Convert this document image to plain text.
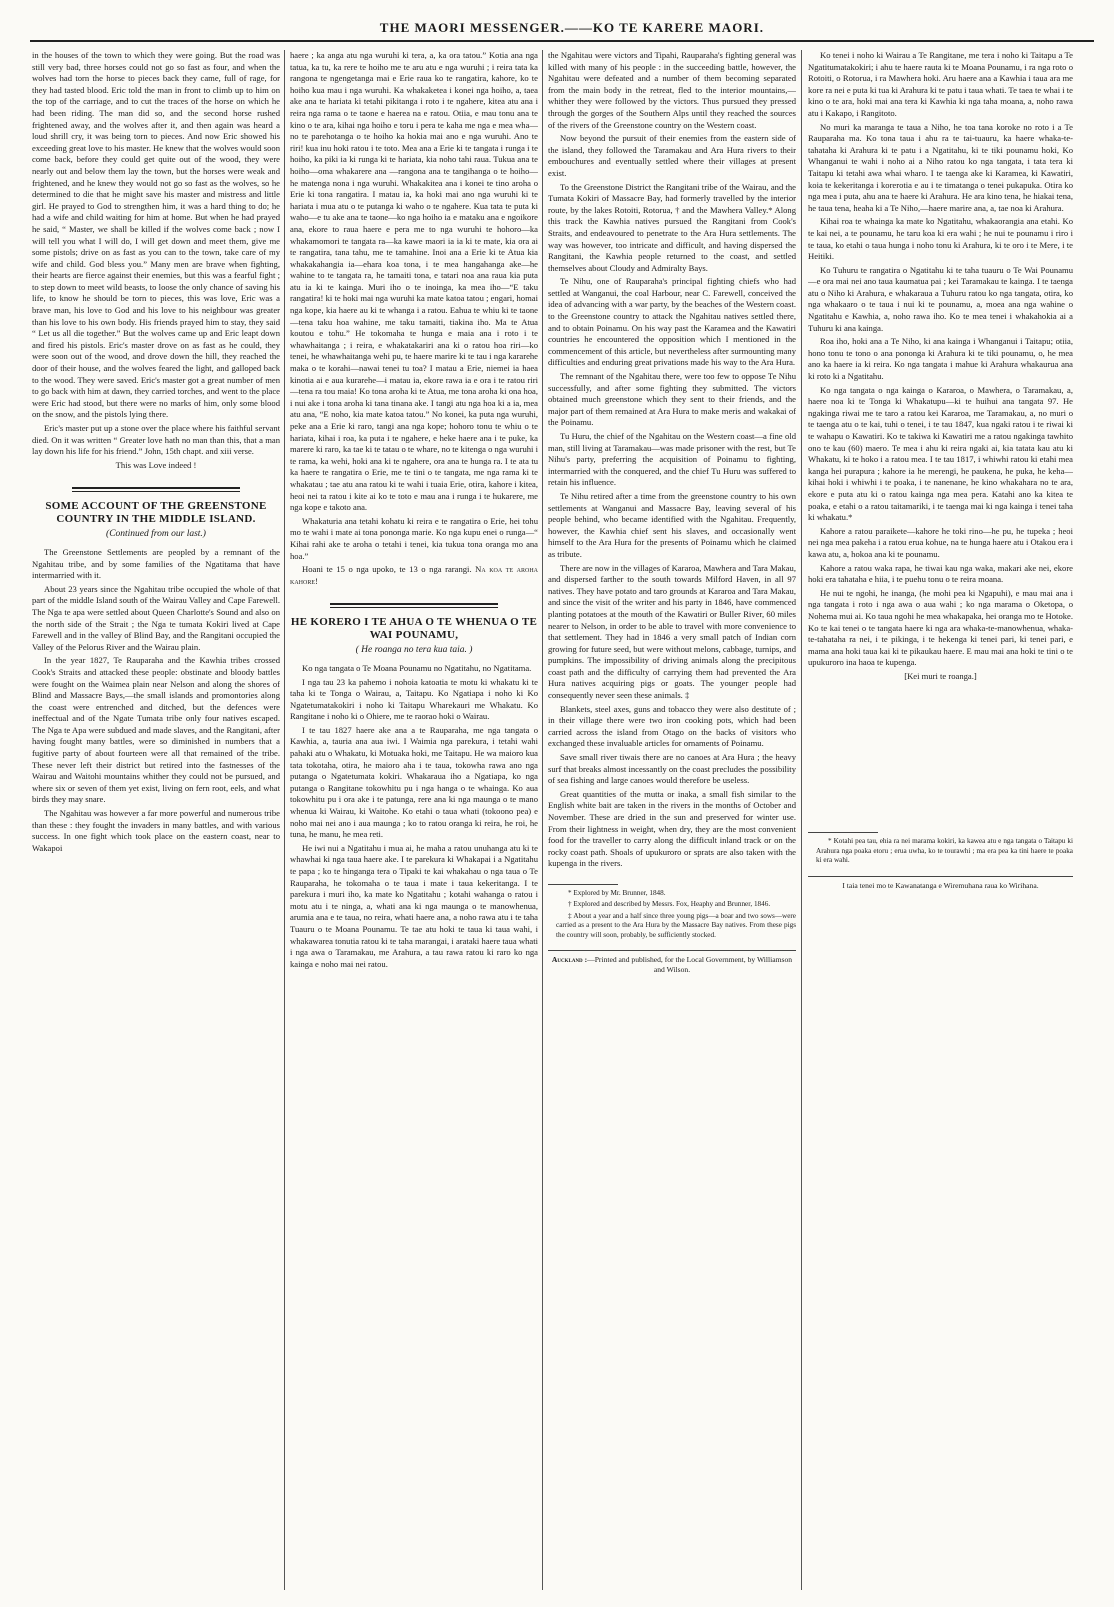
THE MAORI MESSENGER.——KO TE KARERE MAORI.

in the houses of the town to which they were going. But the road was still very bad, three horses could not go so fast as four, and when the wolves had torn the horse to pieces back they came, full of rage, for they had tasted blood. Eric told the man in front to climb up to him on the top of the carriage, and to cut the traces of the horse on which he had been riding. The man did so, and the second horse rushed frightened away, and the wolves after it, and then again was heard a loud shrill cry, it was being torn to pieces. And now Eric showed his exceeding great love to his master. He knew that the wolves would soon come back, before they could get quite out of the wood, they were nearly out and below them lay the town, but the horses were weak and frightened, and he knew they would not go so fast as the wolves, so he determined to die that he might save his master and mistress and little girl. He prayed to God to strengthen him, it was a hard thing to do; he had a wife and child waiting for him at home. But when he had prayed he said, “ Master, we shall be killed if the wolves come back ; now I will tell you what I will do, I will get down and meet them, give me some pistols; drive on as fast as you can to the town, take care of my wife and child. God bless you.” Many men are brave when fighting, their hearts are fierce against their enemies, but this was a fearful fight ; to step down to meet wild beasts, to loose the only chance of saving his life, to know he should be torn to pieces, this was love, Eric was a brave man, his love to God and his love to his neighbour was greater than his love to his own body. His friends prayed him to stay, they said “ Let us all die together.” But the wolves came up and Eric leapt down and fired his pistols. Eric's master drove on as fast as he could, they were soon out of the wood, and drove down the hill, they reached the door of their house, and the wolves feared the light, and galloped back to the wood. They were saved. Eric's master got a great number of men to go back with him at dawn, they carried torches, and went to the place were Eric had stood, but there were no marks of him, only some blood on the snow, and the pistols lying there.

Eric's master put up a stone over the place where his faithful servant died. On it was written “ Greater love hath no man than this, that a man lay down his life for his friend.” John, 15th chapt. and xiii verse.

This was Love indeed !

SOME ACCOUNT OF THE GREENSTONE COUNTRY IN THE MIDDLE ISLAND.
(Continued from our last.)

The Greenstone Settlements are peopled by a remnant of the Ngahitau tribe, and by some families of the Ngatitama that have intermarried with it.

About 23 years since the Ngahitau tribe occupied the whole of that part of the middle Island south of the Wairau Valley and Cape Farewell. The Nga te apa were settled about Queen Charlotte's Sound and also on the north side of the Strait ; the Nga te tumata Kokiri lived at Cape Farewell and in the valley of Blind Bay, and the Rangitani occupied the Valley of the Pelorus River and the Wairau plain.

In the year 1827, Te Rauparaha and the Kawhia tribes crossed Cook's Straits and attacked these people: obstinate and bloody battles were fought on the Waimea plain near Nelson and along the shores of Blind and Massacre Bays,—the small islands and promontories along the coast were entrenched and ditched, but the defences were ineffectual and of the Ngate Tumata tribe only four natives escaped. The Nga te Apa were subdued and made slaves, and the Rangitani, after having fought many battles, were so diminished in numbers that a fugitive party of about fourteen were all that remained of the tribe. These never left their district but retired into the fastnesses of the Wairau and Waitohi mountains whither they could not be pursued, and where six or seven of them yet exist, living on fern root, eels, and what birds they may snare.

The Ngahitau was however a far more powerful and numerous tribe than these : they fought the invaders in many battles, and with various success. In one fight which took place on the eastern coast, near to Wakapoi

haere ; ka anga atu nga wuruhi ki tera, a, ka ora tatou.” Kotia ana nga tatua, ka tu, ka rere te hoiho me te aru atu e nga wuruhi ; i reira tata ka rangona te ngengetanga mai e Erie raua ko te rangatira, kahore, ko te hoiho kua mau i nga wuruhi. Ka whakaketea i konei nga hoiho, a, taea ake ana te hariata ki tetahi pikitanga i roto i te ngahere, kitea atu ana i reira nga rama o te taone e haerea na e ratou. Otiia, e mau tonu ana te kino o te ara, kihai nga hoiho e toru i pera te kaha me nga e mea wha—no te parehotanga o te hoiho ka hokia mai ano e nga wuruhi. Ano te riri! kua inu hoki ratou i te toto. Mea ana a Erie ki te tangata i runga i te hoiho, ka piki ia ki runga ki te hariata, kia noho tahi raua. Tukua ana te hoiho—oma whakarere ana —rangona ana te tangihanga o te hoiho—he matenga nona i nga wuruhi. Whakakitea ana i konei te tino aroha o Erie ki tona rangatira. I matau ia, ka hoki mai ano nga wuruhi ki te hariata i mua atu o te putanga ki waho o te ngahere. Kua tata te puta ki waho—e tu ake ana te taone—ko nga hoiho ia e mataku ana e ngoikore ana, ekore to raua haere e pera me to nga wuruhi te hohoro—ka whakamomori te tangata ra—ka kawe maori ia ia ki te mate, kia ora ai te rangatira, tana tahu, me te tamahine. Inoi ana a Erie ki te Atua kia whakakahangia ia—ehara koa tona, i te mea hangahanga ake—he wahine to te tangata ra, he tamaiti tona, e tatari noa ana raua kia puta atu ia ki te kainga. Muri iho o te inoinga, ka mea iho—“E taku rangatira! ki te hoki mai nga wuruhi ka mate katoa tatou ; engari, homai nga kope, kia haere au ki te whanga i a ratou. Eahua te whiu ki te taone—tena taku hoa wahine, me taku tamaiti, tiakina iho. Ma te Atua koutou e tohu.” He tokomaha te hunga e maia ana i roto i te whawhaitanga ; i reira, e whakatakariri ana ki o ratou hoa riri—ko tenei, he whawhaitanga wehi pu, te haere marire ki te tau i nga kararehe maka o te korahi—nawai tenei tu toa? I matau a Erie, niemei ia haea kinotia ai e aua kurarehe—i matau ia, ekore rawa ia e ora i te ratou riri—tena ra tou maia! Ko tona aroha ki te Atua, me tona aroha ki ona hoa, i nui ake i tona aroha ki tana tinana ake. I tangi atu nga hoa ki a ia, mea atu ana, “E noho, kia mate katoa tatou.” No konei, ka puta nga wuruhi, peke ana a Erie ki raro, tangi ana nga kope; hohoro tonu te whiu o te hariata, kihai i roa, ka puta i te ngahere, e heke haere ana i te puke, ka marere ki raro, ka tae ki te tatau o te whare, no te kitenga o nga wuruhi i te rama, ka wehi, hoki ana ki te ngahere, ora ana te hunga ra. I te ata tu ka haere te rangatira o Erie, me te tini o te tangata, me nga rama ki te whakatau ; tae atu ana ratou ki te wahi i tuaia Erie, otira, kahore i kitea, heoi nei ta ratou i kite ai ko te toto e mau ana i runga i te hukarere, me nga kope e takoto ana.

Whakaturia ana tetahi kohatu ki reira e te rangatira o Erie, hei tohu mo te wahi i mate ai tona pononga marie. Ko nga kupu enei o runga—“ Kihai rahi ake te aroha o tetahi i tenei, kia tukua tona oranga mo ana hoa.”

Hoani te 15 o nga upoko, te 13 o nga rarangi. Na koa te aroha kahore!

HE KORERO I TE AHUA O TE WHENUA O TE WAI POUNAMU,
( He roanga no tera kua taia. )

Ko nga tangata o Te Moana Pounamu no Ngatitahu, no Ngatitama.

I nga tau 23 ka pahemo i nohoia katoatia te motu ki whakatu ki te taha ki te Tonga o Wairau, a, Taitapu. Ko Ngatiapa i noho ki Ko Ngatetumatakokiri i noho ki Taitapu Wharekauri me Whakatu. Ko Rangitane i noho ki o Ohiere, me te raorao hoki o Wairau.

I te tau 1827 haere ake ana a te Rauparaha, me nga tangata o Kawhia, a, tauria ana aua iwi. I Waimia nga parekura, i tetahi wahi pahaki atu o Whakatu, ki Motuaka hoki, me Taitapu. He wa maioro kua tata tokotaha, otira, he maioro aha i te taua, tokowha rawa ano nga putanga o Ngatetumata kokiri. Whakaraua iho a Ngatiapa, ko nga putanga o Rangitane tokowhitu pu i nga hanga o te whainga. Ko aua tokowhitu pu i ora ake i te patunga, rere ana ki nga maunga o te mano whenua ki Wairau, ki Waitohe. Ko etahi o taua whati (tokoono pea) e noho mai nei ano i aua maunga ; ko to ratou oranga ki reira, he roi, he tuna, he manu, he mea reti.

He iwi nui a Ngatitahu i mua ai, he maha a ratou unuhanga atu ki te whawhai ki nga taua haere ake. I te parekura ki Whakapai i a Ngatitahu te papa ; ko te hinganga tera o Tipaki te kai whakahau o nga taua o Te Rauparaha, he tokomaha o te taua i mate i taua kekeritanga. I te parekura i muri iho, ka mate ko Ngatitahu ; kotahi wahanga o ratou i motu atu i te ninga, a, whati ana ki nga maunga o te manowhenua, arumia ana e te taua, no reira, whati haere ana, a noho rawa atu i te taha Tuauru o te Moana Pounamu. Te tae atu hoki te taua ki taua wahi, i whakawarea tonutia ratou ki te taha marangai, i arataki haere taua whati i nga awa o Taramakau, me Arahura, a tau rawa ratou ki raro ko nga kainga e noho mai nei ratou.

the Ngahitau were victors and Tipahi, Rauparaha's fighting general was killed with many of his people : in the succeeding battle, however, the Ngahitau were defeated and a number of them becoming separated from the main body in the retreat, fled to the interior mountains,—whither they were followed by the victors. Thus pursued they pressed through the gorges of the Southern Alps until they reached the sources of the rivers of the Greenstone country on the Western coast.

Now beyond the pursuit of their enemies from the eastern side of the island, they followed the Taramakau and Ara Hura rivers to their embouchures and eventually settled where their villages at present exist.

To the Greenstone District the Rangitani tribe of the Wairau, and the Tumata Kokiri of Massacre Bay, had formerly travelled by the interior route, by the lakes Rotoiti, Rotorua, † and the Mawhera Valley.* Along this track the Kawhia natives pursued the Rangitani from Cook's Straits, and endeavoured to penetrate to the Ara Hura settlements. The way was however, too intricate and difficult, and having dispersed the Rangitani, the Kawhia people returned to the coast, and settled themselves about Cloudy and Admiralty Bays.

Te Nihu, one of Rauparaha's principal fighting chiefs who had settled at Wanganui, the coal Harbour, near C. Farewell, conceived the idea of advancing with a war party, by the beaches of the Western coast. to the Greenstone country to attack the Ngahitau natives settled there, and to obtain Poinamu. On his way past the Karamea and the Kawatiri countries he encountered the opposition which I mentioned in the commencement of this article, but nevertheless after surmounting many difficulties and enduring great privations made his way to the Ara Hura.

The remnant of the Ngahitau there, were too few to oppose Te Nihu successfully, and after some fighting they submitted. The victors obtained much greenstone which they sent to their friends, and the major part of them remained at Ara Hura to make meris and wakakai of the Poinamu.

Tu Huru, the chief of the Ngahitau on the Western coast—a fine old man, still living at Taramakau—was made prisoner with the rest, but Te Nihu's party, preferring the acquisition of Poinamu to fighting, intermarried with the conquered, and the chief Tu Huru was suffered to retain his influence.

Te Nihu retired after a time from the greenstone country to his own settlements at Wanganui and Massacre Bay, leaving several of his people behind, who became identified with the Ngahitau. Frequently, however, the Kawhia chief sent his slaves, and occasionally went himself to the Ara Hura for the presents of Poinamu which he claimed as tribute.

There are now in the villages of Kararoa, Mawhera and Tara Makau, and dispersed farther to the south towards Milford Haven, in all 97 natives. They have potato and taro grounds at Kararoa and Tara Makau, and since the visit of the writer and his party in 1846, have commenced planting potatoes at the mouth of the Kawatiri or Buller River, 60 miles nearer to Nelson, in order to be able to travel with more convenience to that settlement. They had in 1846 a very small patch of Indian corn growing for future seed, but were without melons, cabbage, turnips, and pumpkins. The impossibility of driving animals along the precipitous coast path and the difficulty of carrying them had prevented the Ara Hura natives acquiring pigs or goats. The younger people had consequently never seen these animals. ‡

Blankets, steel axes, guns and tobacco they were also destitute of ; in their village there were two iron cooking pots, which had been carried across the island from Otago on the backs of visitors who exchanged these invaluable articles for ornaments of Poinamu.

Save small river tiwais there are no canoes at Ara Hura ; the heavy surf that breaks almost incessantly on the coast precludes the possibility of sea fishing and large canoes would therefore be useless.

Great quantities of the mutta or inaka, a small fish similar to the English white bait are taken in the rivers in the months of October and November. These are dried in the sun and preserved for winter use. From their lightness in weight, when dry, they are the most convenient food for the traveller to carry along the difficult inland track or on the rocky coast path. Shoals of upukuroro or sprats are also taken with the kupenga in the rivers.

* Explored by Mr. Brunner, 1848.

† Explored and described by Messrs. Fox, Heaphy and Brunner, 1846.

‡ About a year and a half since three young pigs—a boar and two sows—were carried as a present to the Ara Hura by the Massacre Bay natives. From these pigs the country will soon, probably, be sufficiently stocked.

Auckland :—Printed and published, for the Local Government, by Williamson and Wilson.

Ko tenei i noho ki Wairau a Te Rangitane, me tera i noho ki Taitapu a Te Ngatitumatakokiri; i ahu te haere rauta ki te Moana Pounamu, i ra nga roto o Rotoiti, o Rotorua, i ra Mawhera hoki. Aru haere ana a Kawhia i taua ara me kore ra nei e puta ki tua ki Arahura ki te patu i taua whati. Te taea te whai i te kino o te ara, hoki mai ana tera ki Kawhia ki nga taha moana, a, noho rawa atu i Kakapo, i Rangitoto.

No muri ka maranga te taua a Niho, he toa tana koroke no roto i a Te Rauparaha ma. Ko tona taua i ahu ra te tai-tuauru, ka haere whaka-te-tahataha ki Arahura ki te patu i a Ngatitahu, ki te tiki pounamu hoki, Ko Whanganui te wahi i noho ai a Niho ratou ko nga tangata, i tata tera ki Taitapu ki tetahi awa whai wharo. I te taenga ake ki Karamea, ki Kawatiri, koia te kekeritanga i korerotia e au i te timatanga o tenei pukapuka. Otira ko nga mea i puta, ahu ana te haere ki Arahura. He ara kino tena, he hiakai tena, he taua tena, heaha ki a Te Niho,—haere marire ana, a, tae noa ki Arahura.

Kihai roa te whainga ka mate ko Ngatitahu, whakaorangia ana etahi. Ko te kai nei, a te pounamu, he taru koa ki era wahi ; he nui te pounamu i riro i te taua, ko etahi o taua hunga i noho tonu ki Arahura, ki te oro i te Mere, i te Heitiki.

Ko Tuhuru te rangatira o Ngatitahu ki te taha tuauru o Te Wai Pounamu—e ora mai nei ano taua kaumatua pai ; kei Taramakau te kainga. I te taenga atu o Niho ki Arahura, e whakaraua a Tuhuru ratou ko nga tangata, otira, ko nga whakaaro o te taua i nui ki te pounamu, a, moea ana nga wahine o Ngatitahu e Kawhia, a, noho rawa iho. Ko te mea tenei i whakahokia ai a Tuhuru ki ana kainga.

Roa iho, hoki ana a Te Niho, ki ana kainga i Whanganui i Taitapu; otiia, hono tonu te tono o ana pononga ki Arahura ki te tiki pounamu, o, he mea ano ka haere ia ki reira. Ko nga tangata i mahue ki Arahura whakaurua ana ki roto ki a Ngatitahu.

Ko nga tangata o nga kainga o Kararoa, o Mawhera, o Taramakau, a, haere noa ki te Tonga ki Whakatupu—ki te huihui ana tangata 97. He ngakinga riwai me te taro a ratou kei Kararoa, me Taramakau, a, no muri o te taenga atu o te kai, tuhi o tenei, i te tau 1847, kua ngaki ratou i te riwai ki te wahapu o Kawatiri. Ko te takiwa ki Kawatiri me a ratou ngakinga tawhito ono te kau (60) maero. Te mea i ahu ki reira ngaki ai, kia tatata kau atu ki Whakatu, ki te hoko i a ratou mea. I te tau 1817, i whiwhi ratou ki etahi mea kanga hei purapura ; kahore ia he merengi, he paukena, he puka, he keha—kihai hoki i whiwhi i te poaka, i te nanenane, he kino whakahara no te ara, ekore e puta atu ki o ratou kainga nga mea pera. Katahi ano ka kitea te poaka, e etahi o a ratou taitamariki, i te taenga mai ki nga kainga i tenei taha ki whakatu.*

Kahore a ratou paraikete—kahore he toki rino—he pu, he tupeka ; heoi nei nga mea pakeha i a ratou erua kohue, na te hunga haere atu i Otakou era i kawa atu, a, hokoa ana ki te pounamu.

Kahore a ratou waka rapa, he tiwai kau nga waka, makari ake nei, ekore hoki era tahataha e hiia, i te puehu tonu o te reira moana.

He nui te ngohi, he inanga, (he mohi pea ki Ngapuhi), e mau mai ana i nga tangata i roto i nga awa o aua wahi ; ko nga marama o Oketopa, o Nohema mui ai. Ko taua ngohi he mea whakapaka, hei oranga mo te Hotoke. Ko te kai tenei o te tangata haere ki nga ara whaka-te-manowhenua, whaka-te-tahataha ra nei, i te pikinga, i te hekenga ki tenei pari, ki tenei pari, e mama ana hoki taua kai ki te pikaukau haere. E mau mai ana hoki te tini o te upukuroro ina haoa te kupenga.

[Kei muri te roanga.]

* Kotahi pea tau, ehia ra nei marama kokiri, ka kawea atu e nga tangata o Taitapu ki Arahura nga poaka etoru ; erua uwha, ko te tourawhi ; ma era pea ka tini haere te poaka ki era wahi.

I taia tenei mo te Kawanatanga e Wiremuhana raua ko Wirihana.
